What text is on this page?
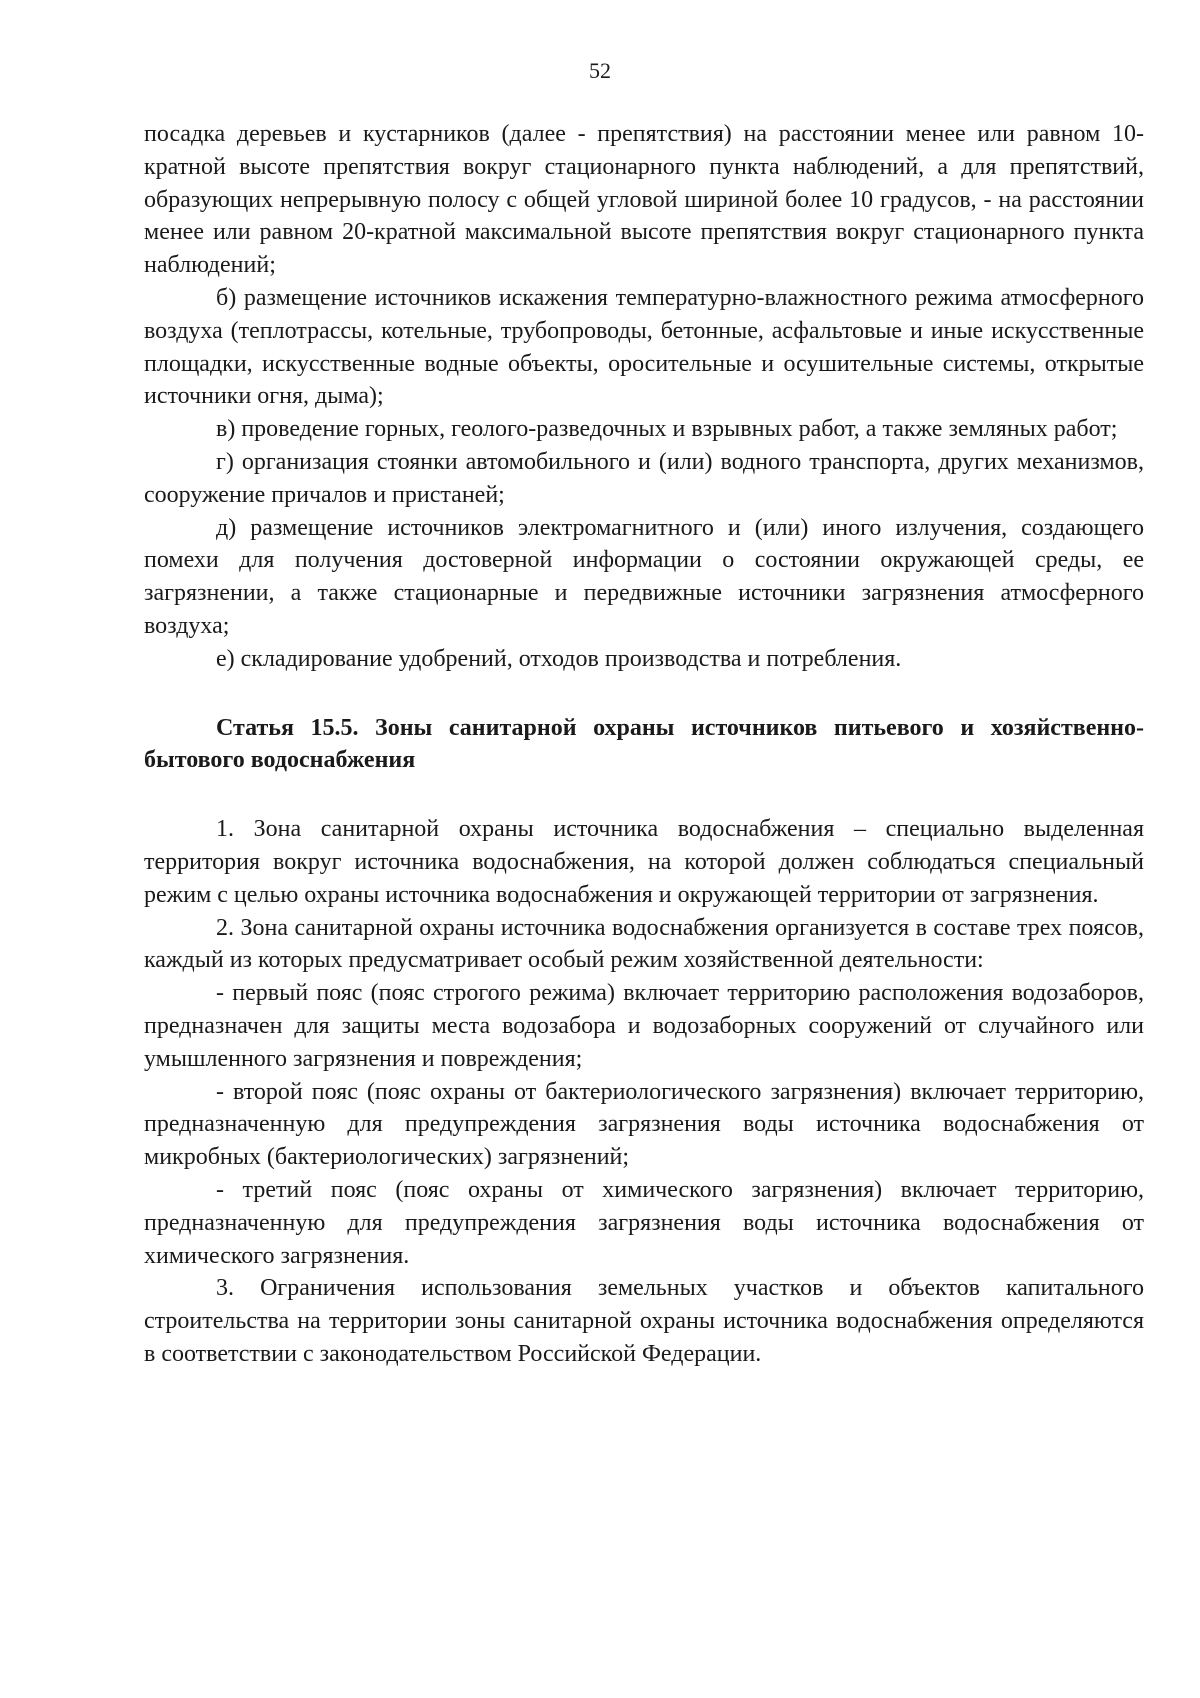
52

посадка деревьев и кустарников (далее - препятствия) на расстоянии менее или равном 10-кратной высоте препятствия вокруг стационарного пункта наблюдений, а для препятствий, образующих непрерывную полосу с общей угловой шириной более 10 градусов, - на расстоянии менее или равном 20-кратной максимальной высоте препятствия вокруг стационарного пункта наблюдений;

б) размещение источников искажения температурно-влажностного режима атмосферного воздуха (теплотрассы, котельные, трубопроводы, бетонные, асфальтовые и иные искусственные площадки, искусственные водные объекты, оросительные и осушительные системы, открытые источники огня, дыма);

в) проведение горных, геолого-разведочных и взрывных работ, а также земляных работ;

г) организация стоянки автомобильного и (или) водного транспорта, других механизмов, сооружение причалов и пристаней;

д) размещение источников электромагнитного и (или) иного излучения, создающего помехи для получения достоверной информации о состоянии окружающей среды, ее загрязнении, а также стационарные и передвижные источники загрязнения атмосферного воздуха;

е) складирование удобрений, отходов производства и потребления.

Статья 15.5. Зоны санитарной охраны источников питьевого и хозяйственно-бытового водоснабжения

1. Зона санитарной охраны источника водоснабжения – специально выделенная территория вокруг источника водоснабжения, на которой должен соблюдаться специальный режим с целью охраны источника водоснабжения и окружающей территории от загрязнения.

2. Зона санитарной охраны источника водоснабжения организуется в составе трех поясов, каждый из которых предусматривает особый режим хозяйственной деятельности:

- первый пояс (пояс строгого режима) включает территорию расположения водозаборов, предназначен для защиты места водозабора и водозаборных сооружений от случайного или умышленного загрязнения и повреждения;

- второй пояс (пояс охраны от бактериологического загрязнения) включает территорию, предназначенную для предупреждения загрязнения воды источника водоснабжения от микробных (бактериологических) загрязнений;

- третий пояс (пояс охраны от химического загрязнения) включает территорию, предназначенную для предупреждения загрязнения воды источника водоснабжения от химического загрязнения.

3. Ограничения использования земельных участков и объектов капитального строительства на территории зоны санитарной охраны источника водоснабжения определяются в соответствии с законодательством Российской Федерации.
